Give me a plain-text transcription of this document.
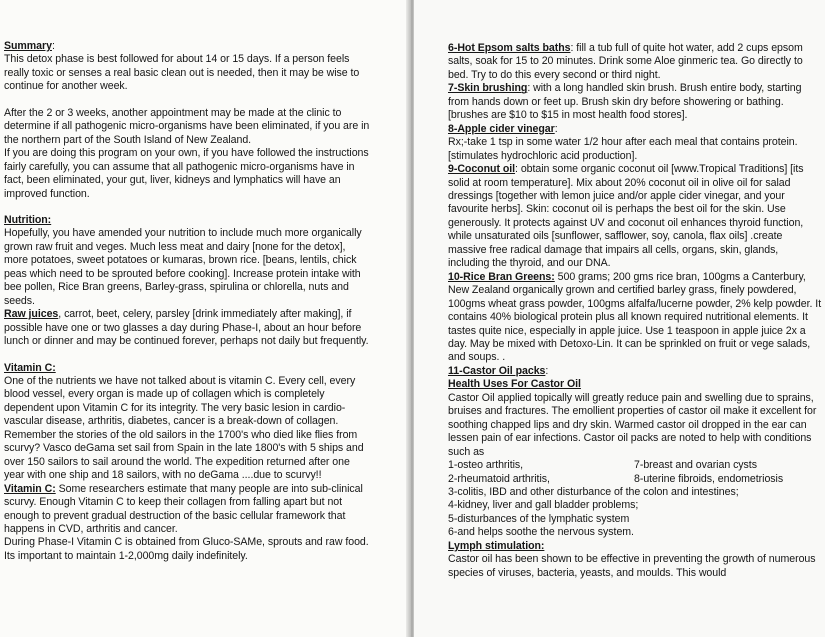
Summary:

This detox phase is best followed for about 14 or 15 days. If a person feels really toxic or senses a real basic clean out is needed, then it may be wise to continue for another week.

After the 2 or 3 weeks, another appointment may be made at the clinic to determine if all pathogenic micro-organisms have been eliminated, if you are in the northern part of the South Island of New Zealand.

If you are doing this program on your own, if you have followed the instructions fairly carefully, you can assume that all pathogenic micro-organisms have in fact, been eliminated, your gut, liver, kidneys and lymphatics will have an improved function.

Nutrition:

Hopefully, you have amended your nutrition to include much more organically grown raw fruit and veges. Much less meat and dairy [none for the detox], more potatoes, sweet potatoes or kumaras, brown rice. [beans, lentils, chick peas which need to be sprouted before cooking]. Increase protein intake with bee pollen, Rice Bran greens, Barley-grass, spirulina or chlorella, nuts and seeds.

Raw juices, carrot, beet, celery, parsley [drink immediately after making], if possible have one or two glasses a day during Phase-I, about an hour before lunch or dinner and may be continued forever, perhaps not daily but frequently.

Vitamin C:

One of the nutrients we have not talked about is vitamin C. Every cell, every blood vessel, every organ is made up of collagen which is completely dependent upon Vitamin C for its integrity. The very basic lesion in cardio-vascular disease, arthritis, diabetes, cancer is a break-down of collagen. Remember the stories of the old sailors in the 1700's who died like flies from scurvy? Vasco deGama set sail from Spain in the late 1800's with 5 ships and over 150 sailors to sail around the world. The expedition returned after one year with one ship and 18 sailors, with no deGama ....due to scurvy!!

Vitamin C: Some researchers estimate that many people are into sub-clinical scurvy. Enough Vitamin C to keep their collagen from falling apart but not enough to prevent gradual destruction of the basic cellular framework that happens in CVD, arthritis and cancer.

During Phase-I Vitamin C is obtained from Gluco-SAMe, sprouts and raw food. Its important to maintain 1-2,000mg daily indefinitely.

6-Hot Epsom salts baths: fill a tub full of quite hot water, add 2 cups epsom salts, soak for 15 to 20 minutes. Drink some Aloe ginmeric tea. Go directly to bed. Try to do this every second or third night.

7-Skin brushing: with a long handled skin brush. Brush entire body, starting from hands down or feet up. Brush skin dry before showering or bathing. [brushes are $10 to $15 in most health food stores].

8-Apple cider vinegar:

Rx;-take 1 tsp in some water 1/2 hour after each meal that contains protein. [stimulates hydrochloric acid production].

9-Coconut oil: obtain some organic coconut oil [www.Tropical Traditions] [its solid at room temperature]. Mix about 20% coconut oil in olive oil for salad dressings [together with lemon juice and/or apple cider vinegar, and your favourite herbs]. Skin: coconut oil is perhaps the best oil for the skin. Use generously. It protects against UV and coconut oil enhances thyroid function, while unsaturated oils [sunflower, safflower, soy, canola, flax oils] .create massive free radical damage that impairs all cells, organs, skin, glands, including the thyroid, and our DNA.

10-Rice Bran Greens: 500 grams; 200 gms rice bran, 100gms a Canterbury, New Zealand organically grown and certified barley grass, finely powdered, 100gms wheat grass powder, 100gms alfalfa/lucerne powder, 2% kelp powder. It contains 40% biological protein plus all known required nutritional elements. It tastes quite nice, especially in apple juice. Use 1 teaspoon in apple juice 2x a day. May be mixed with Detoxo-Lin. It can be sprinkled on fruit or vege salads, and soups. .

11-Castor Oil packs:

Health Uses For Castor Oil

Castor Oil applied topically will greatly reduce pain and swelling due to sprains, bruises and fractures. The emollient properties of castor oil make it excellent for soothing chapped lips and dry skin. Warmed castor oil dropped in the ear can lessen pain of ear infections. Castor oil packs are noted to help with conditions such as

1-osteo arthritis,	7-breast and ovarian cysts
2-rheumatoid arthritis,	8-uterine fibroids, endometriosis

3-colitis, IBD and other disturbance of the colon and intestines;

4-kidney, liver and gall bladder problems;

5-disturbances of the lymphatic system

6-and helps soothe the nervous system.

Lymph stimulation:

Castor oil has been shown to be effective in preventing the growth of numerous species of viruses, bacteria, yeasts, and moulds. This would
